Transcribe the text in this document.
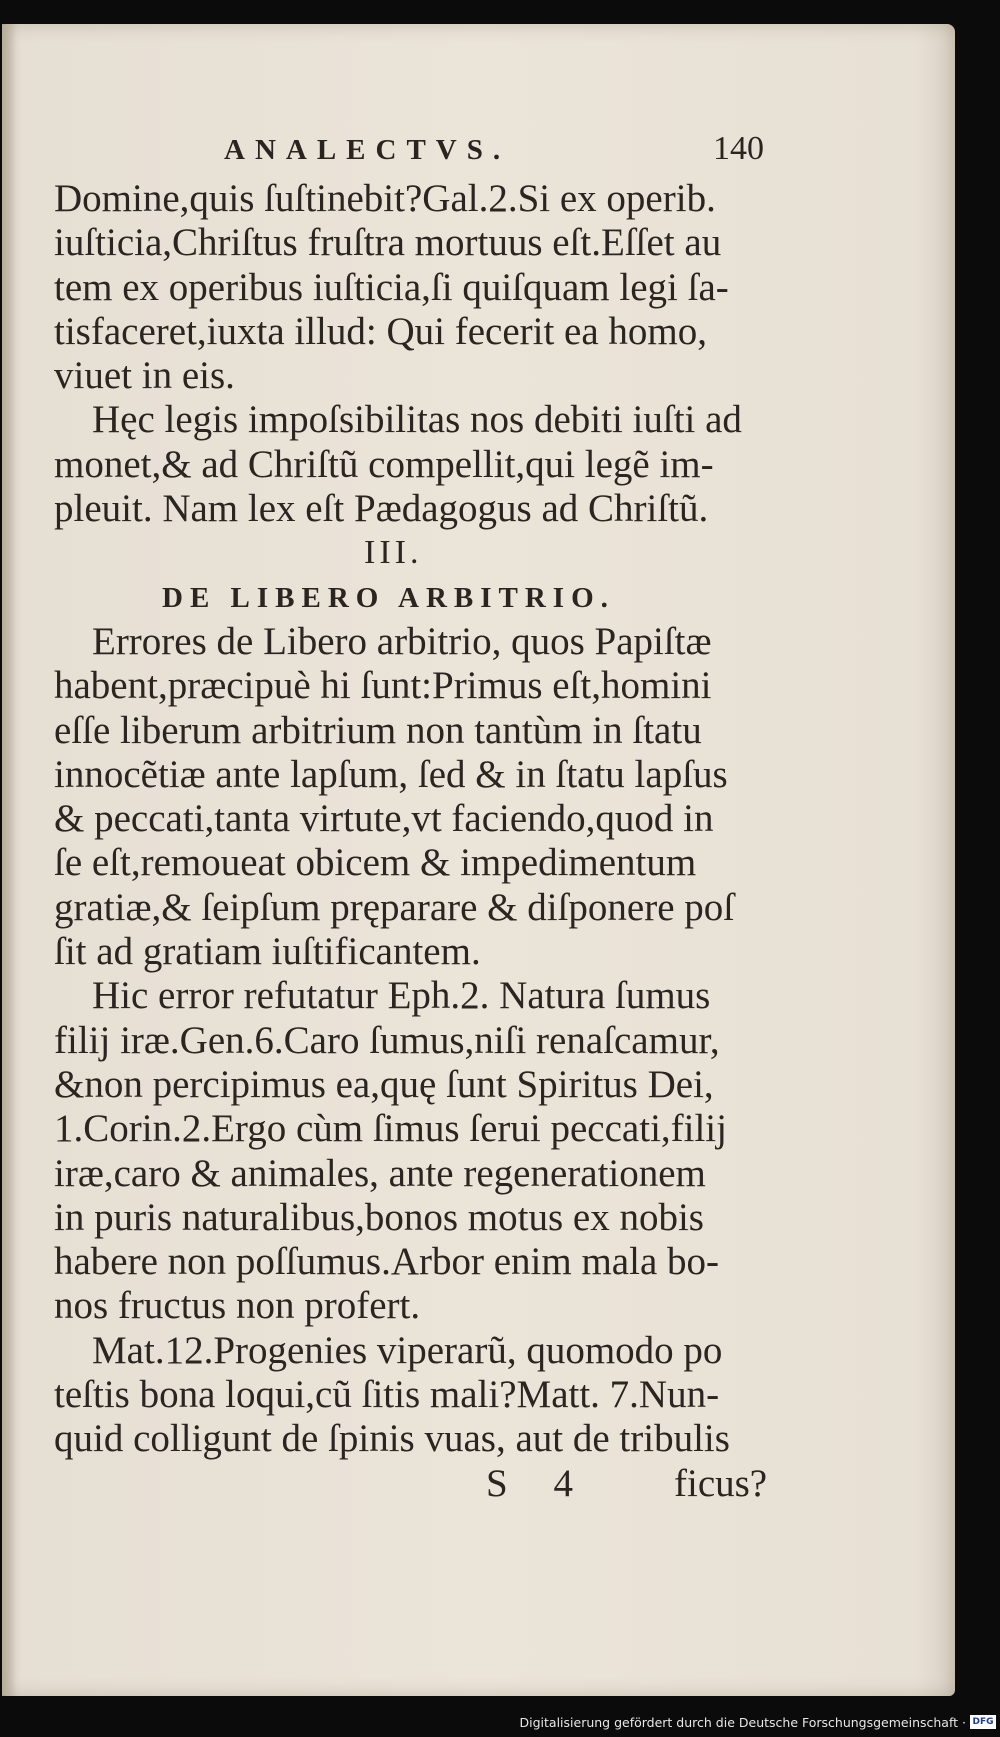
ANALECTVS.	140
Domine,quis ſuſtinebit?Gal.2.Si ex operib.
iuſticia,Chriſtus fruſtra mortuus eſt.Eſſet au
tem ex operibus iuſticia,ſi quiſquam legi ſa-
tisfaceret,iuxta illud: Qui fecerit ea homo,
viuet in eis.
Hęc legis impoſsibilitas nos debiti iuſti ad
monet,& ad Chriſtũ compellit,qui legẽ im-
pleuit. Nam lex eſt Pædagogus ad Chriſtũ.
III.
DE LIBERO ARBITRIO.
Errores de Libero arbitrio, quos Papiſtæ
habent,præcipuè hi ſunt:Primus eſt,homini
eſſe liberum arbitrium non tantùm in ſtatu
innocẽtiæ ante lapſum, ſed & in ſtatu lapſus
& peccati,tanta virtute,vt faciendo,quod in
ſe eſt,remoueat obicem & impedimentum
gratiæ,& ſeipſum pręparare & diſponere poſ
ſit ad gratiam iuſtificantem.
Hic error refutatur Eph.2. Natura ſumus
filij iræ.Gen.6.Caro ſumus,niſi renaſcamur,
&non percipimus ea,quę ſunt Spiritus Dei,
1.Corin.2.Ergo cùm ſimus ſerui peccati,filij
iræ,caro & animales, ante regenerationem
in puris naturalibus,bonos motus ex nobis
habere non poſſumus.Arbor enim mala bo-
nos fructus non profert.
Mat.12.Progenies viperarũ, quomodo po
teſtis bona loqui,cũ ſitis mali?Matt. 7.Nun-
quid colligunt de ſpinis vuas, aut de tribulis
S 4 ficus?
Digitalisierung gefördert durch die Deutsche Forschungsgemeinschaft · DFG
